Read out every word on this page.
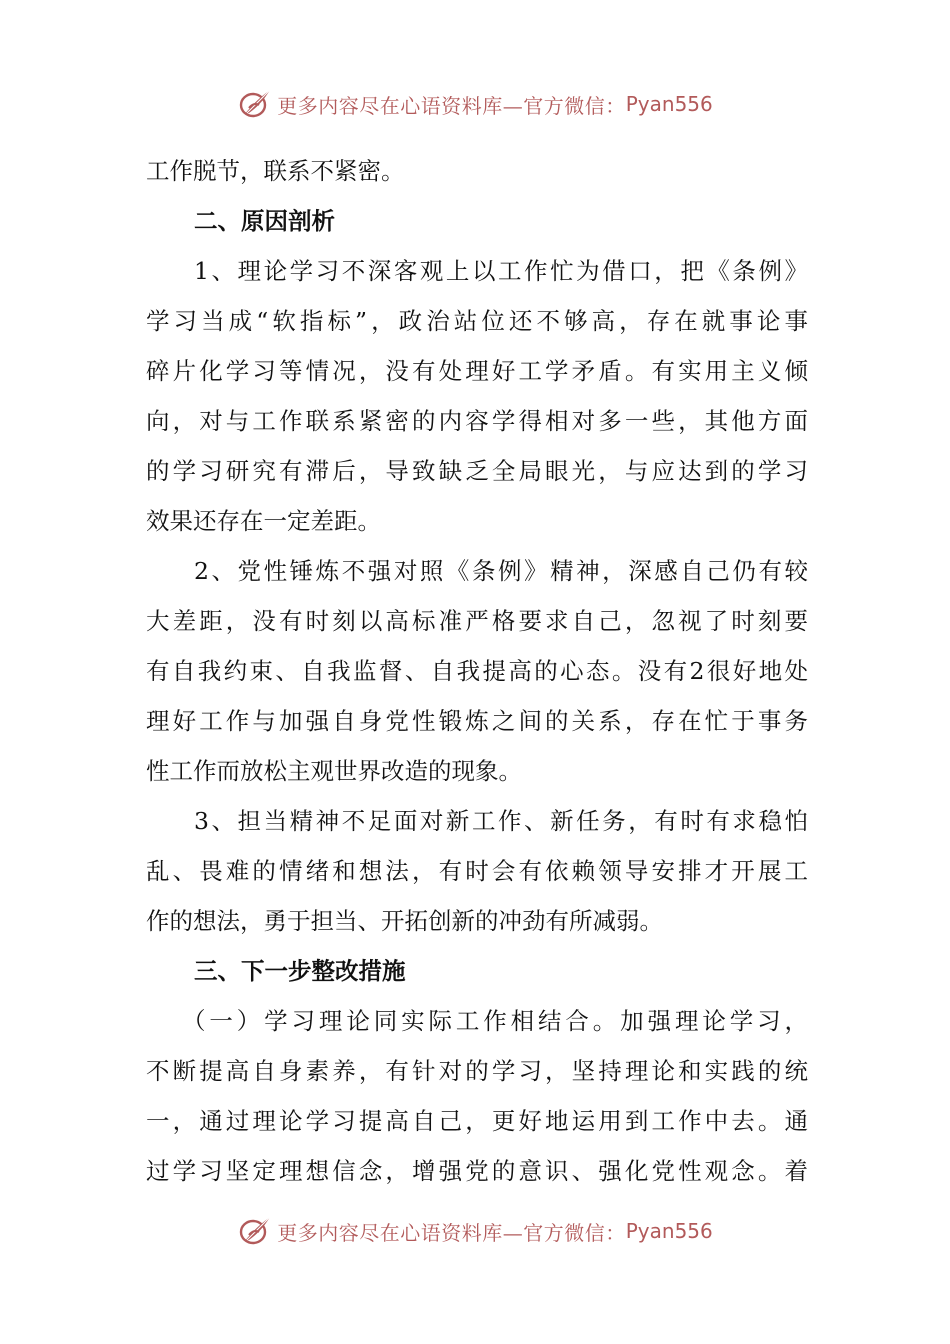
更多内容尽在心语资料库—官方微信： Pyan556
工作脱节，联系不紧密。
二、原因剖析
1、理论学习不深客观上以工作忙为借口，把《条例》
学习当成“软指标”，政治站位还不够高，存在就事论事
碎片化学习等情况，没有处理好工学矛盾。有实用主义倾
向，对与工作联系紧密的内容学得相对多一些，其他方面
的学习研究有滞后，导致缺乏全局眼光，与应达到的学习
效果还存在一定差距。
2、党性锤炼不强对照《条例》精神，深感自己仍有较
大差距，没有时刻以高标准严格要求自己，忽视了时刻要
有自我约束、自我监督、自我提高的心态。没有2很好地处
理好工作与加强自身党性锻炼之间的关系，存在忙于事务
性工作而放松主观世界改造的现象。
3、担当精神不足面对新工作、新任务，有时有求稳怕
乱、畏难的情绪和想法，有时会有依赖领导安排才开展工
作的想法，勇于担当、开拓创新的冲劲有所减弱。
三、下一步整改措施
（一）学习理论同实际工作相结合。加强理论学习，
不断提高自身素养，有针对的学习，坚持理论和实践的统
一，通过理论学习提高自己，更好地运用到工作中去。通
过学习坚定理想信念，增强党的意识、强化党性观念。着
更多内容尽在心语资料库—官方微信： Pyan556
